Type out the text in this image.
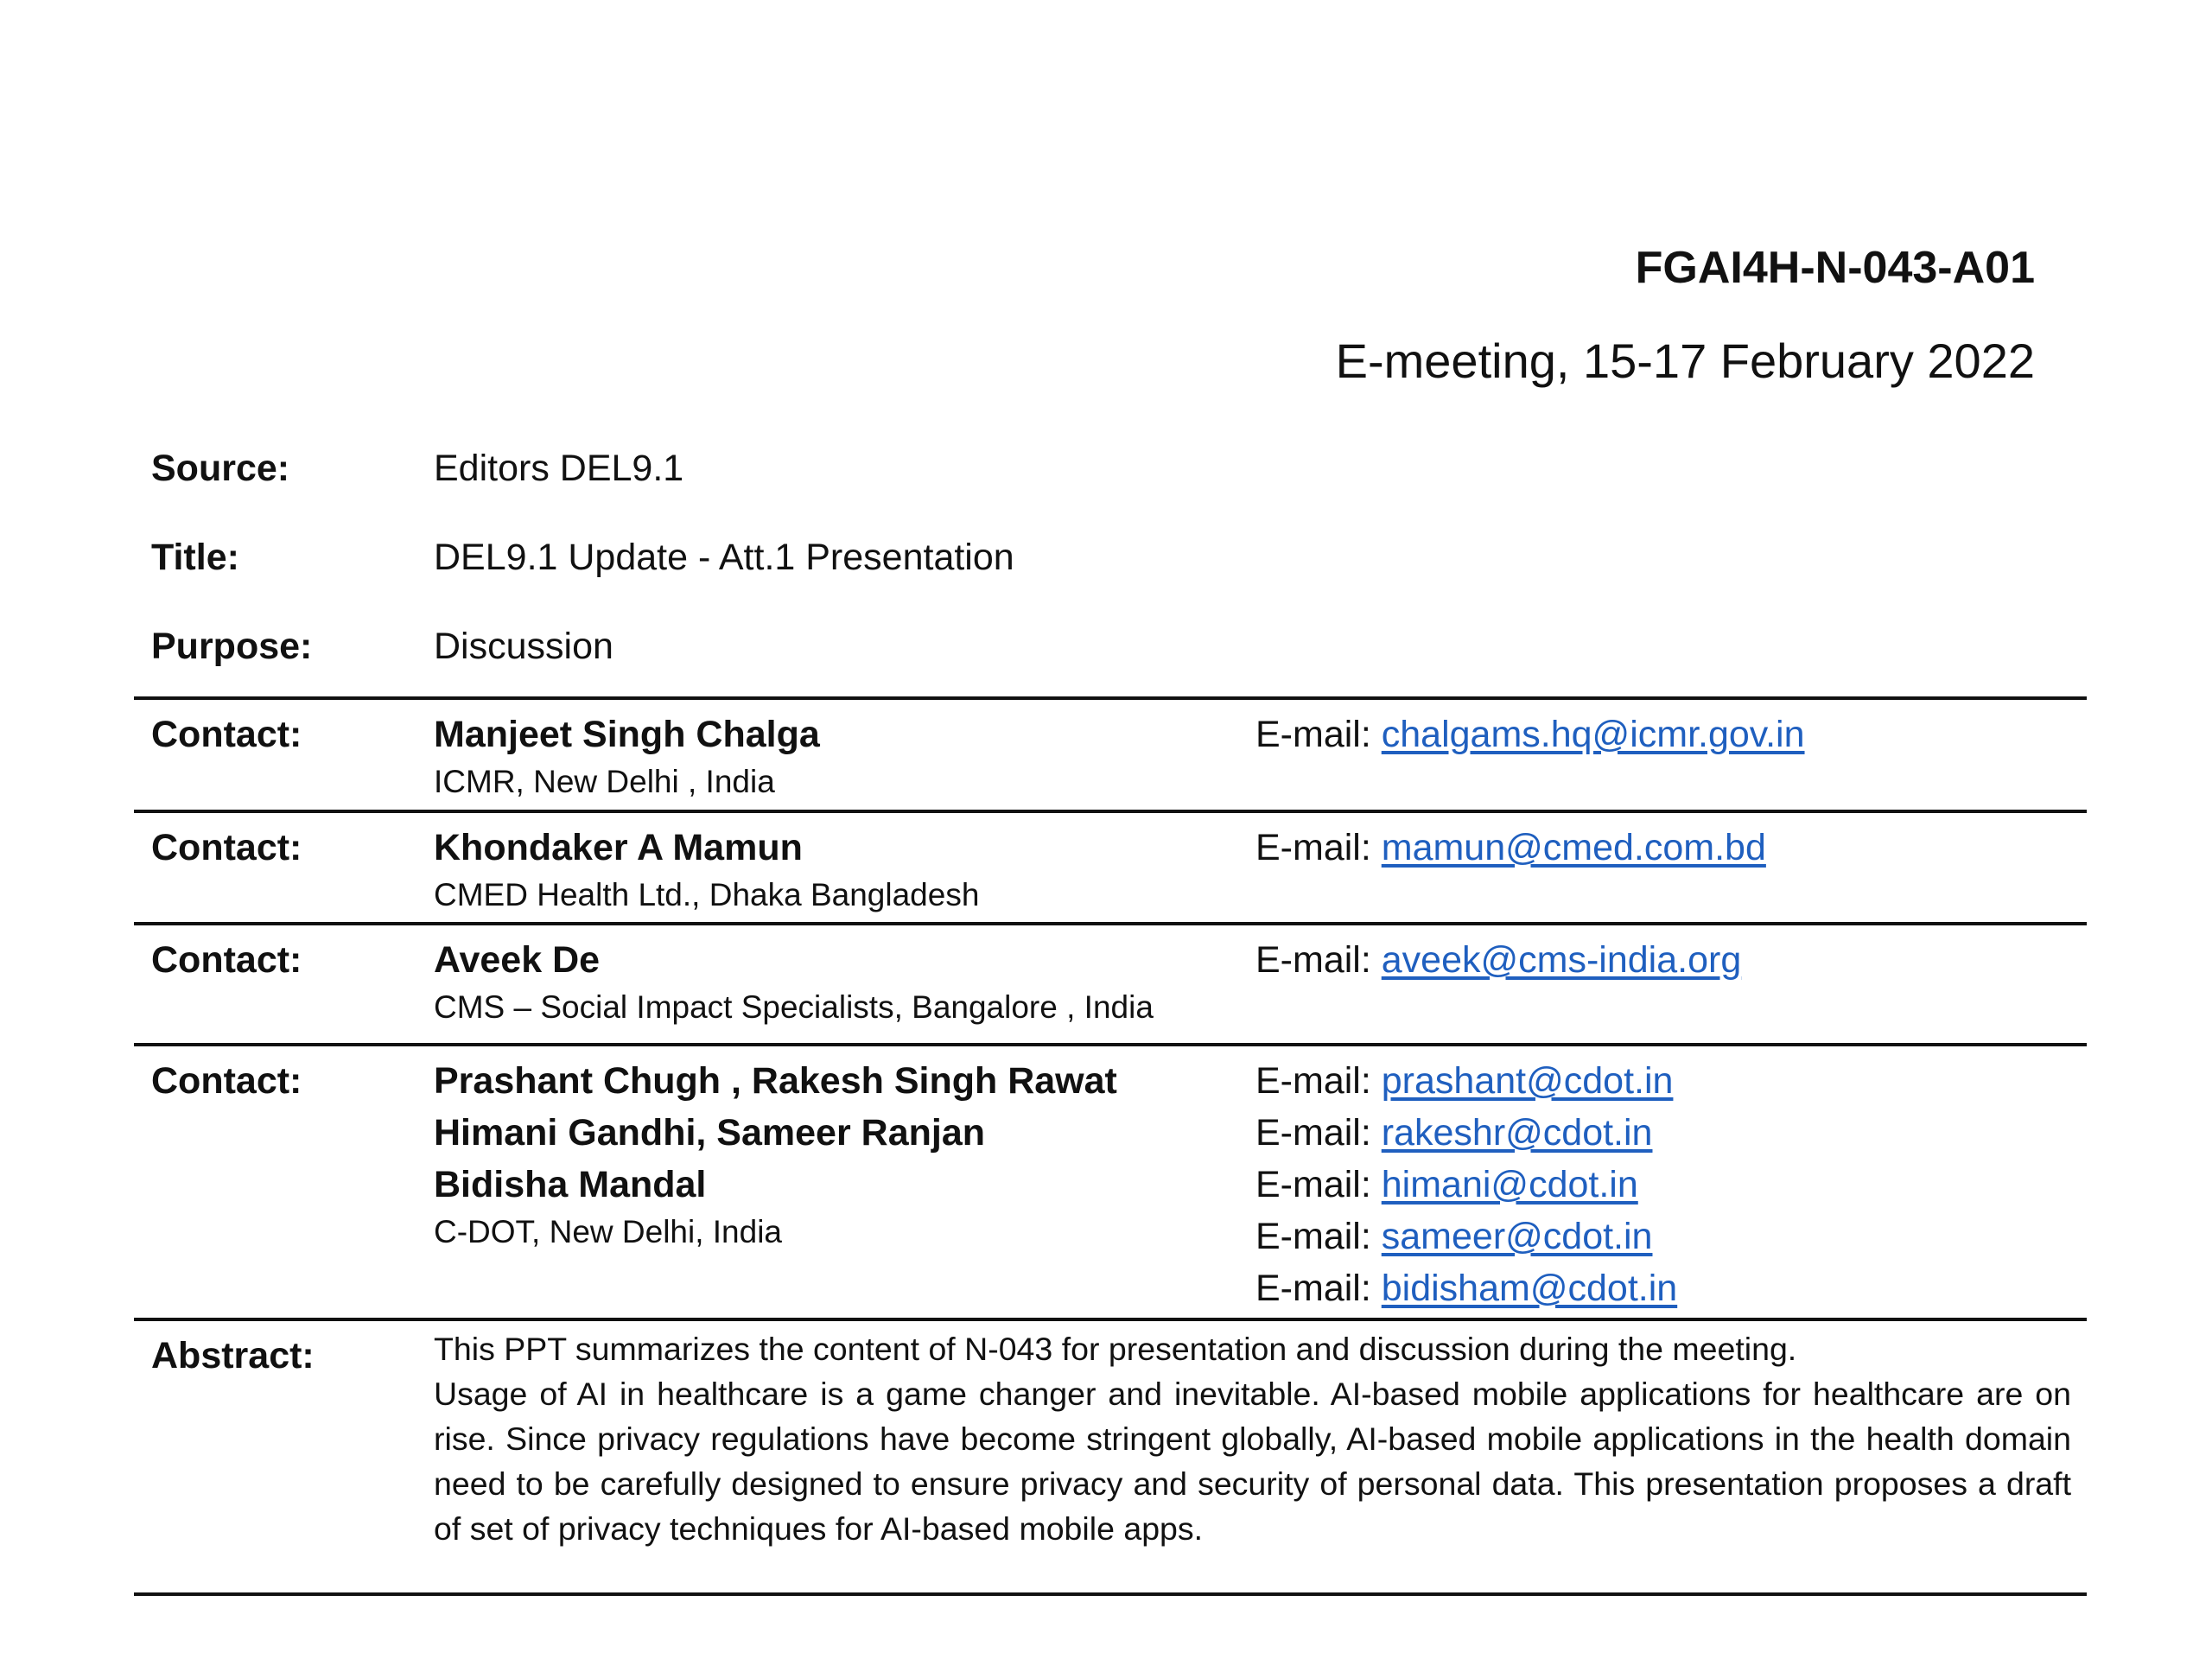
FGAI4H-N-043-A01
E-meeting, 15-17 February 2022
Source:	Editors DEL9.1
Title:	DEL9.1 Update - Att.1 Presentation
Purpose:	Discussion
Contact:	Manjeet Singh Chalga
ICMR, New Delhi , India
E-mail: chalgams.hq@icmr.gov.in
Contact:	Khondaker A Mamun
CMED Health Ltd., Dhaka Bangladesh
E-mail: mamun@cmed.com.bd
Contact:	Aveek De
CMS – Social Impact Specialists, Bangalore , India
E-mail: aveek@cms-india.org
Contact:	Prashant Chugh , Rakesh Singh Rawat
Himani Gandhi, Sameer Ranjan
Bidisha Mandal
C-DOT, New Delhi, India
E-mail: prashant@cdot.in
E-mail: rakeshr@cdot.in
E-mail: himani@cdot.in
E-mail: sameer@cdot.in
E-mail: bidisham@cdot.in
Abstract:	This PPT summarizes the content of N-043 for presentation and discussion during the meeting.
Usage of AI in healthcare is a game changer and inevitable. AI-based mobile applications for healthcare are on rise. Since privacy regulations have become stringent globally, AI-based mobile applications in the health domain need to be carefully designed to ensure privacy and security of personal data. This presentation proposes a draft of set of privacy techniques for AI-based mobile apps.
